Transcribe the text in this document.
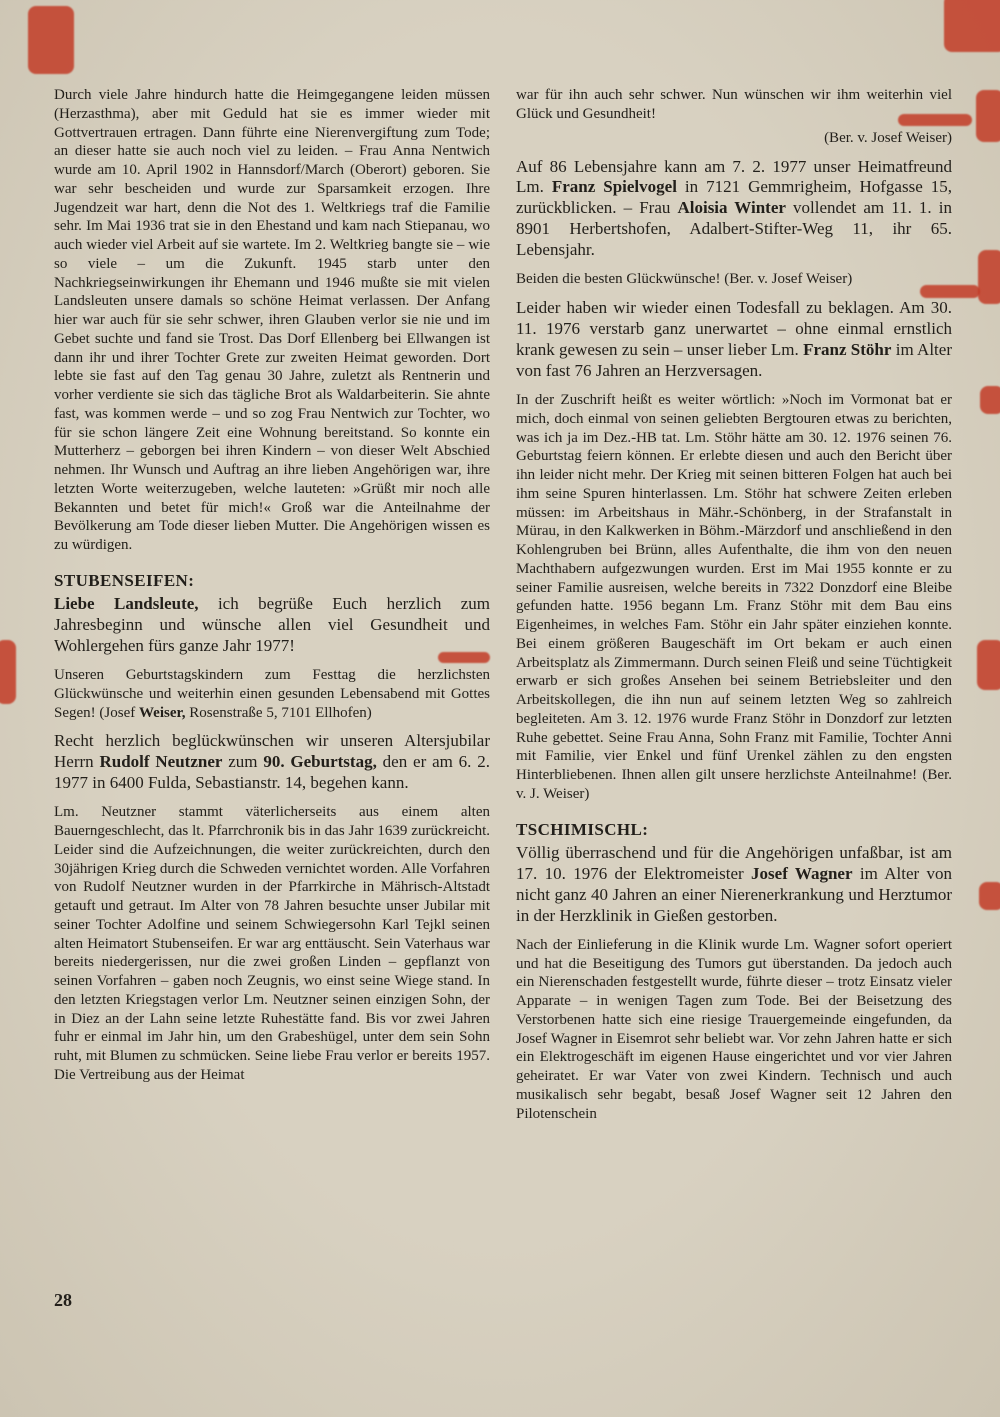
Durch viele Jahre hindurch hatte die Heimgegangene leiden müssen (Herzasthma), aber mit Geduld hat sie es immer wieder mit Gottvertrauen ertragen. Dann führte eine Nierenvergiftung zum Tode; an dieser hatte sie auch noch viel zu leiden. – Frau Anna Nentwich wurde am 10. April 1902 in Hannsdorf/March (Oberort) geboren. Sie war sehr bescheiden und wurde zur Sparsamkeit erzogen. Ihre Jugendzeit war hart, denn die Not des 1. Weltkriegs traf die Familie sehr. Im Mai 1936 trat sie in den Ehestand und kam nach Stiepanau, wo auch wieder viel Arbeit auf sie wartete. Im 2. Weltkrieg bangte sie – wie so viele – um die Zukunft. 1945 starb unter den Nachkriegseinwirkungen ihr Ehemann und 1946 mußte sie mit vielen Landsleuten unsere damals so schöne Heimat verlassen. Der Anfang hier war auch für sie sehr schwer, ihren Glauben verlor sie nie und im Gebet suchte und fand sie Trost. Das Dorf Ellenberg bei Ellwangen ist dann ihr und ihrer Tochter Grete zur zweiten Heimat geworden. Dort lebte sie fast auf den Tag genau 30 Jahre, zuletzt als Rentnerin und vorher verdiente sie sich das tägliche Brot als Waldarbeiterin. Sie ahnte fast, was kommen werde – und so zog Frau Nentwich zur Tochter, wo für sie schon längere Zeit eine Wohnung bereitstand. So konnte ein Mutterherz – geborgen bei ihren Kindern – von dieser Welt Abschied nehmen. Ihr Wunsch und Auftrag an ihre lieben Angehörigen war, ihre letzten Worte weiterzugeben, welche lauteten: »Grüßt mir noch alle Bekannten und betet für mich!« Groß war die Anteilnahme der Bevölkerung am Tode dieser lieben Mutter. Die Angehörigen wissen es zu würdigen.

STUBENSEIFEN:

Liebe Landsleute, ich begrüße Euch herzlich zum Jahresbeginn und wünsche allen viel Gesundheit und Wohlergehen fürs ganze Jahr 1977!

Unseren Geburtstagskindern zum Festtag die herzlichsten Glückwünsche und weiterhin einen gesunden Lebensabend mit Gottes Segen! (Josef Weiser, Rosenstraße 5, 7101 Ellhofen)

Recht herzlich beglückwünschen wir unseren Altersjubilar Herrn Rudolf Neutzner zum 90. Geburtstag, den er am 6. 2. 1977 in 6400 Fulda, Sebastianstr. 14, begehen kann.

Lm. Neutzner stammt väterlicherseits aus einem alten Bauerngeschlecht, das lt. Pfarrchronik bis in das Jahr 1639 zurückreicht. Leider sind die Aufzeichnungen, die weiter zurückreichten, durch den 30jährigen Krieg durch die Schweden vernichtet worden. Alle Vorfahren von Rudolf Neutzner wurden in der Pfarrkirche in Mährisch-Altstadt getauft und getraut. Im Alter von 78 Jahren besuchte unser Jubilar mit seiner Tochter Adolfine und seinem Schwiegersohn Karl Tejkl seinen alten Heimatort Stubenseifen. Er war arg enttäuscht. Sein Vaterhaus war bereits niedergerissen, nur die zwei großen Linden – gepflanzt von seinen Vorfahren – gaben noch Zeugnis, wo einst seine Wiege stand. In den letzten Kriegstagen verlor Lm. Neutzner seinen einzigen Sohn, der in Diez an der Lahn seine letzte Ruhestätte fand. Bis vor zwei Jahren fuhr er einmal im Jahr hin, um den Grabeshügel, unter dem sein Sohn ruht, mit Blumen zu schmücken. Seine liebe Frau verlor er bereits 1957. Die Vertreibung aus der Heimat

war für ihn auch sehr schwer. Nun wünschen wir ihm weiterhin viel Glück und Gesundheit!

(Ber. v. Josef Weiser)

Auf 86 Lebensjahre kann am 7. 2. 1977 unser Heimatfreund Lm. Franz Spielvogel in 7121 Gemmrigheim, Hofgasse 15, zurückblicken. – Frau Aloisia Winter vollendet am 11. 1. in 8901 Herbertshofen, Adalbert-Stifter-Weg 11, ihr 65. Lebensjahr.

Beiden die besten Glückwünsche! (Ber. v. Josef Weiser)

Leider haben wir wieder einen Todesfall zu beklagen. Am 30. 11. 1976 verstarb ganz unerwartet – ohne einmal ernstlich krank gewesen zu sein – unser lieber Lm. Franz Stöhr im Alter von fast 76 Jahren an Herzversagen.

In der Zuschrift heißt es weiter wörtlich: »Noch im Vormonat bat er mich, doch einmal von seinen geliebten Bergtouren etwas zu berichten, was ich ja im Dez.-HB tat. Lm. Stöhr hätte am 30. 12. 1976 seinen 76. Geburtstag feiern können. Er erlebte diesen und auch den Bericht über ihn leider nicht mehr. Der Krieg mit seinen bitteren Folgen hat auch bei ihm seine Spuren hinterlassen. Lm. Stöhr hat schwere Zeiten erleben müssen: im Arbeitshaus in Mähr.-Schönberg, in der Strafanstalt in Mürau, in den Kalkwerken in Böhm.-Märzdorf und anschließend in den Kohlengruben bei Brünn, alles Aufenthalte, die ihm von den neuen Machthabern aufgezwungen wurden. Erst im Mai 1955 konnte er zu seiner Familie ausreisen, welche bereits in 7322 Donzdorf eine Bleibe gefunden hatte. 1956 begann Lm. Franz Stöhr mit dem Bau eins Eigenheimes, in welches Fam. Stöhr ein Jahr später einziehen konnte. Bei einem größeren Baugeschäft im Ort bekam er auch einen Arbeitsplatz als Zimmermann. Durch seinen Fleiß und seine Tüchtigkeit erwarb er sich großes Ansehen bei seinem Betriebsleiter und den Arbeitskollegen, die ihn nun auf seinem letzten Weg so zahlreich begleiteten. Am 3. 12. 1976 wurde Franz Stöhr in Donzdorf zur letzten Ruhe gebettet. Seine Frau Anna, Sohn Franz mit Familie, Tochter Anni mit Familie, vier Enkel und fünf Urenkel zählen zu den engsten Hinterbliebenen. Ihnen allen gilt unsere herzlichste Anteilnahme! (Ber. v. J. Weiser)

TSCHIMISCHL:

Völlig überraschend und für die Angehörigen unfaßbar, ist am 17. 10. 1976 der Elektromeister Josef Wagner im Alter von nicht ganz 40 Jahren an einer Nierenerkrankung und Herztumor in der Herzklinik in Gießen gestorben.

Nach der Einlieferung in die Klinik wurde Lm. Wagner sofort operiert und hat die Beseitigung des Tumors gut überstanden. Da jedoch auch ein Nierenschaden festgestellt wurde, führte dieser – trotz Einsatz vieler Apparate – in wenigen Tagen zum Tode. Bei der Beisetzung des Verstorbenen hatte sich eine riesige Trauergemeinde eingefunden, da Josef Wagner in Eisemrot sehr beliebt war. Vor zehn Jahren hatte er sich ein Elektrogeschäft im eigenen Hause eingerichtet und vor vier Jahren geheiratet. Er war Vater von zwei Kindern. Technisch und auch musikalisch sehr begabt, besaß Josef Wagner seit 12 Jahren den Pilotenschein

28
